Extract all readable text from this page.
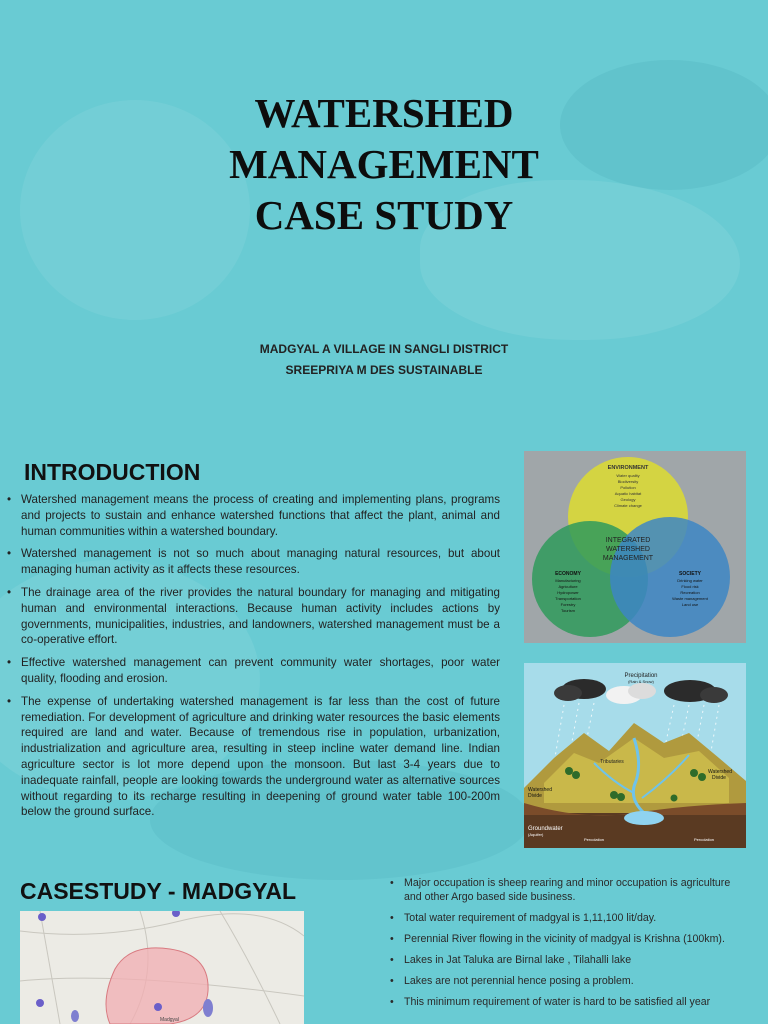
WATERSHED
MANAGEMENT
CASE STUDY

MADGYAL A VILLAGE IN SANGLI DISTRICT

SREEPRIYA M DES SUSTAINABLE

INTRODUCTION
• Watershed management means the process of creating and implementing plans, programs and projects to sustain and enhance watershed functions that affect the plant, animal and human communities within a watershed boundary.
• Watershed management is not so much about managing natural resources, but about managing human activity as it affects these resources.
• The drainage area of the river provides the natural boundary for managing and mitigating human and environmental interactions. Because human activity includes actions by governments, municipalities, industries, and landowners, watershed management must be a co-operative effort.
• Effective watershed management can prevent community water shortages, poor water quality, flooding and erosion.
• The expense of undertaking watershed management is far less than the cost of future remediation. For development of agriculture and drinking water resources the basic elements required are land and water. Because of tremendous rise in population, urbanization, industrialization and agriculture area, resulting in steep incline water demand line. Indian agriculture sector is lot more depend upon the monsoon. But last 3-4 years due to inadequate rainfall, people are looking towards the underground water as alternative sources without regarding to its recharge resulting in deepening of ground water table 100-200m below the ground surface.
ENVIRONMENT
Water quality
Biodiversity
Pollution
Aquatic habitat
Geology
Climate change
INTEGRATED
WATERSHED
MANAGEMENT
ECONOMY
Manufacturing
Agriculture
Hydropower
Transportation
Forestry
Tourism
SOCIETY
Drinking water
Flood risk
Recreation
Waste management
Land use
Precipitation
(Rain & Snow)
Tributaries
Watershed
Divide
Watershed
Divide
Groundwater
(Aquifer)
Percolation	Percolation
CASESTUDY - MADGYAL
Madgyal
• Major occupation is sheep rearing and minor occupation is agriculture and other Argo based side business.
• Total water requirement of madgyal is 1,11,100 lit/day.
• Perennial River flowing in the vicinity of madgyal is Krishna (100km).
• Lakes in Jat Taluka are Birnal lake , Tilahalli lake
• Lakes are not perennial hence posing a problem.
• This minimum requirement of water is hard to be satisfied all year
